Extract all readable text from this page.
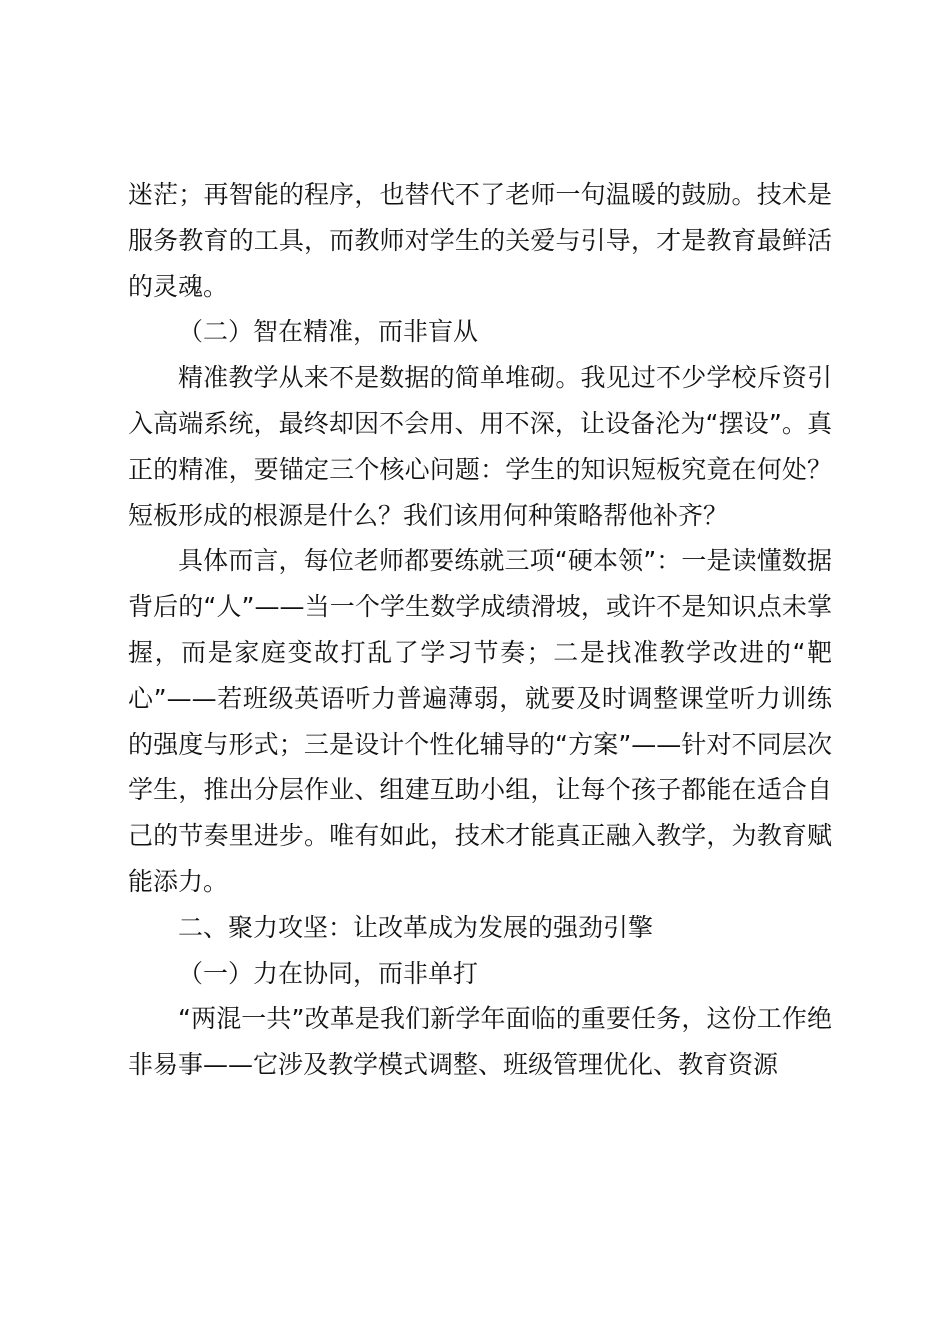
迷茫；再智能的程序，也替代不了老师一句温暖的鼓励。技术是服务教育的工具，而教师对学生的关爱与引导，才是教育最鲜活的灵魂。

（二）智在精准，而非盲从

精准教学从来不是数据的简单堆砌。我见过不少学校斥资引入高端系统，最终却因不会用、用不深，让设备沦为“摆设”。真正的精准，要锚定三个核心问题：学生的知识短板究竟在何处？短板形成的根源是什么？我们该用何种策略帮他补齐？

具体而言，每位老师都要练就三项“硬本领”：一是读懂数据背后的“人”——当一个学生数学成绩滑坡，或许不是知识点未掌握，而是家庭变故打乱了学习节奏；二是找准教学改进的“靶心”——若班级英语听力普遍薄弱，就要及时调整课堂听力训练的强度与形式；三是设计个性化辅导的“方案”——针对不同层次学生，推出分层作业、组建互助小组，让每个孩子都能在适合自己的节奏里进步。唯有如此，技术才能真正融入教学，为教育赋能添力。

二、聚力攻坚：让改革成为发展的强劲引擎

（一）力在协同，而非单打

“两混一共”改革是我们新学年面临的重要任务，这份工作绝非易事——它涉及教学模式调整、班级管理优化、教育资源
